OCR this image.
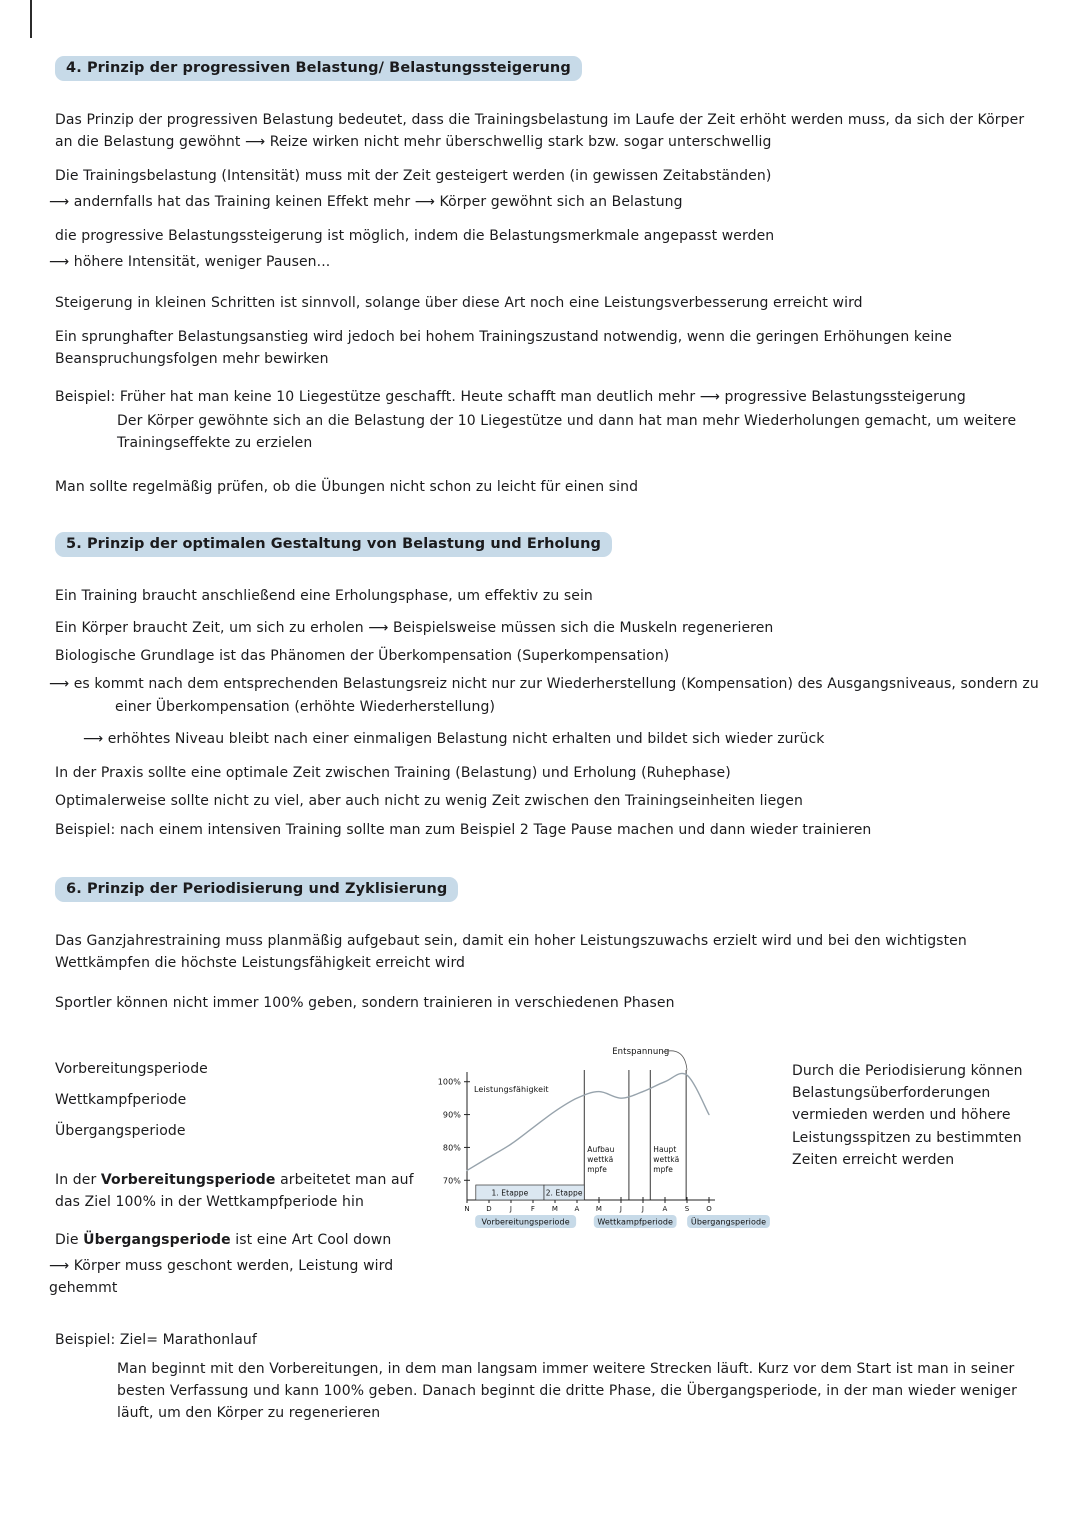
4. Prinzip der progressiven Belastung/ Belastungssteigerung

Das Prinzip der progressiven Belastung bedeutet, dass die Trainingsbelastung im Laufe der Zeit erhöht werden muss, da sich der Körper an die Belastung gewöhnt ⟶ Reize wirken nicht mehr überschwellig stark bzw. sogar unterschwellig

Die Trainingsbelastung (Intensität) muss mit der Zeit gesteigert werden (in gewissen Zeitabständen)

⟶ andernfalls hat das Training keinen Effekt mehr ⟶ Körper gewöhnt sich an Belastung

die progressive Belastungssteigerung ist möglich, indem die Belastungsmerkmale angepasst werden

⟶ höhere Intensität, weniger Pausen...

Steigerung in kleinen Schritten ist sinnvoll, solange über diese Art noch eine Leistungsverbesserung erreicht wird

Ein sprunghafter Belastungsanstieg wird jedoch bei hohem Trainingszustand notwendig, wenn die geringen Erhöhungen keine Beanspruchungsfolgen mehr bewirken

Beispiel: Früher hat man keine 10 Liegestütze geschafft. Heute schafft man deutlich mehr ⟶ progressive Belastungssteigerung

Der Körper gewöhnte sich an die Belastung der 10 Liegestütze und dann hat man mehr Wiederholungen gemacht, um weitere Trainingseffekte zu erzielen

Man sollte regelmäßig prüfen, ob die Übungen nicht schon zu leicht für einen sind

5. Prinzip der optimalen Gestaltung von Belastung und Erholung

Ein Training braucht anschließend eine Erholungsphase, um effektiv zu sein

Ein Körper braucht Zeit, um sich zu erholen ⟶ Beispielsweise müssen sich die Muskeln regenerieren

Biologische Grundlage ist das Phänomen der Überkompensation (Superkompensation)

⟶ es kommt nach dem entsprechenden Belastungsreiz nicht nur zur Wiederherstellung (Kompensation) des Ausgangsniveaus, sondern zu einer Überkompensation (erhöhte Wiederherstellung)

⟶ erhöhtes Niveau bleibt nach einer einmaligen Belastung nicht erhalten und bildet sich wieder zurück

In der Praxis sollte eine optimale Zeit zwischen Training (Belastung) und Erholung (Ruhephase)

Optimalerweise sollte nicht zu viel, aber auch nicht zu wenig Zeit zwischen den Trainingseinheiten liegen

Beispiel: nach einem intensiven Training sollte man zum Beispiel 2 Tage Pause machen und dann wieder trainieren

6. Prinzip der Periodisierung und Zyklisierung

Das Ganzjahrestraining muss planmäßig aufgebaut sein, damit ein hoher Leistungszuwachs erzielt wird und bei den wichtigsten Wettkämpfen die höchste Leistungsfähigkeit erreicht wird

Sportler können nicht immer 100% geben, sondern trainieren in verschiedenen Phasen

Vorbereitungsperiode
Wettkampfperiode
Übergangsperiode

In der Vorbereitungsperiode arbeitetet man auf das Ziel 100% in der Wettkampfperiode hin

Die Übergangsperiode ist eine Art Cool down

⟶ Körper muss geschont werden, Leistung wird gehemmt

100%
90%
80%
70%
N D	J	F M A M	J	J	A S O
Leistungsfähigkeit
1. Etappe 2. Etappe
Aufbau
wettkä
mpfe
Haupt
wettkä
mpfe
Vorbereitungsperiode	Wettkampfperiode Übergangsperiode
Entspannung

Durch die Periodisierung können Belastungsüberforderungen vermieden werden und höhere Leistungsspitzen zu bestimmten Zeiten erreicht werden

Beispiel: Ziel= Marathonlauf

Man beginnt mit den Vorbereitungen, in dem man langsam immer weitere Strecken läuft. Kurz vor dem Start ist man in seiner besten Verfassung und kann 100% geben. Danach beginnt die dritte Phase, die Übergangsperiode, in der man wieder weniger läuft, um den Körper zu regenerieren
